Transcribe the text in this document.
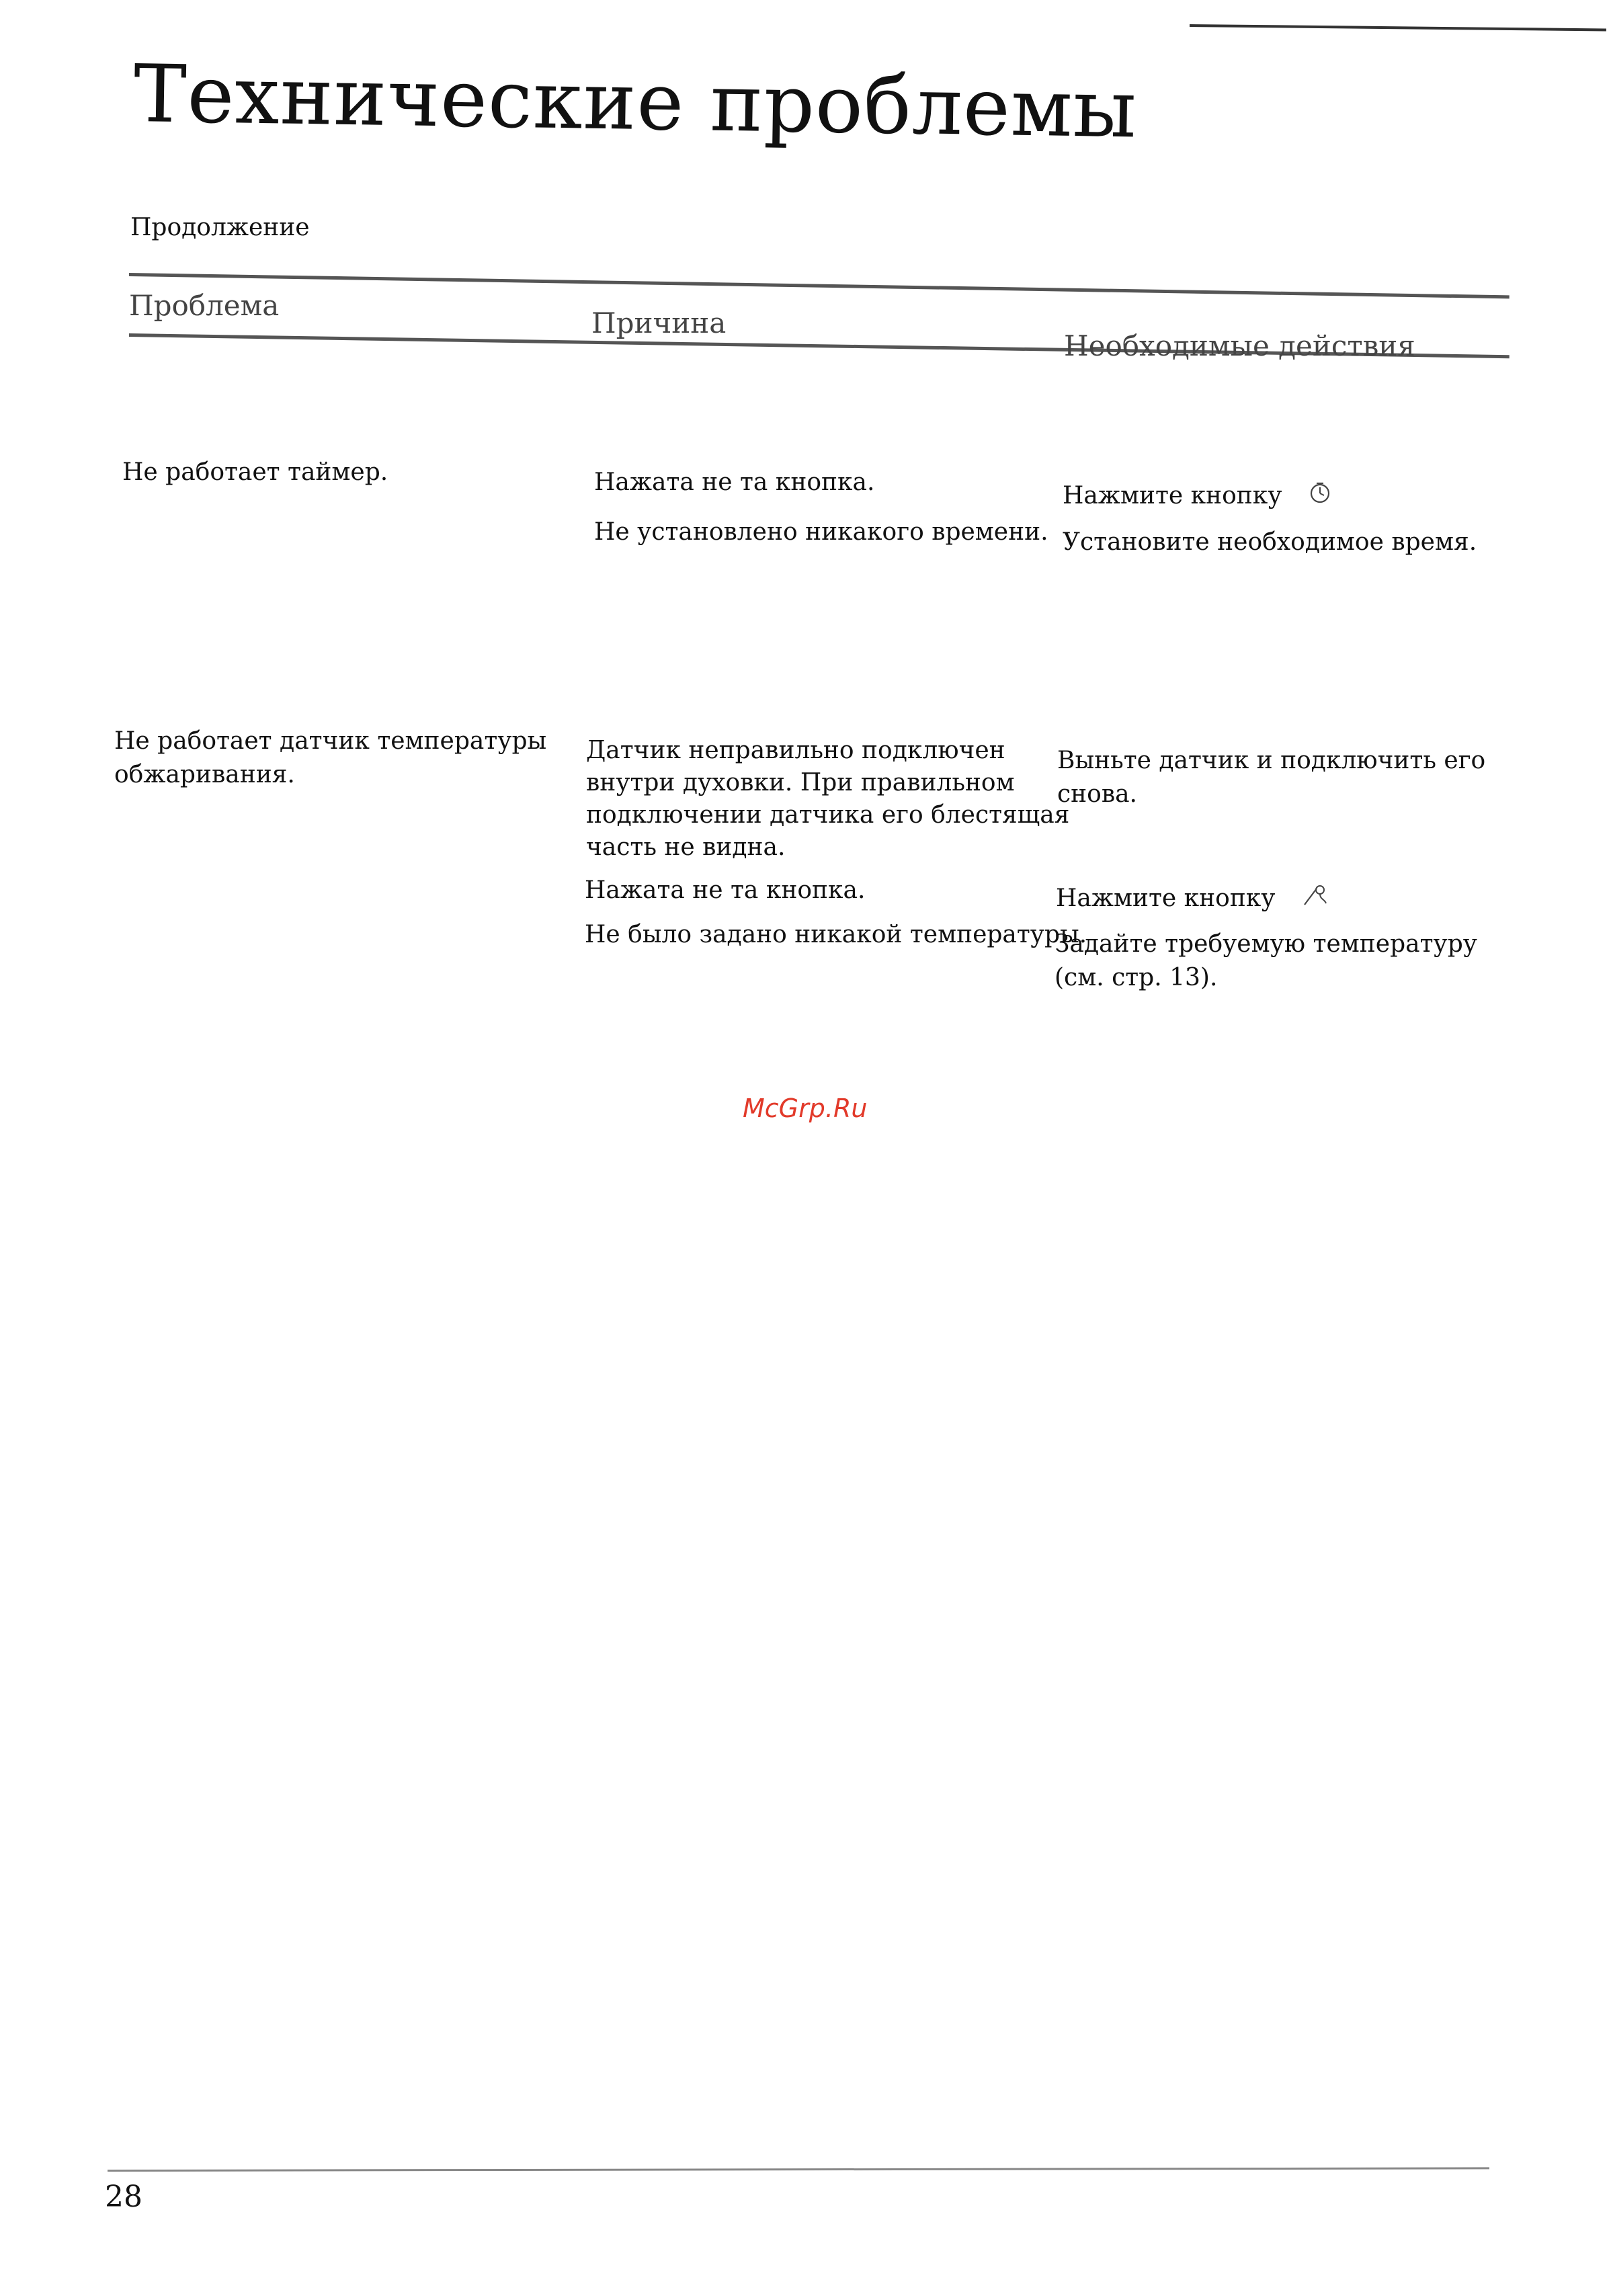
Технические проблемы
Продолжение
Проблема
Причина
Необходимые действия
Не работает таймер.	Нажата не та кнопка.
Не установлено никакого времени.
Нажмите кнопку
Установите необходимое время.
Не работает датчик температуры
обжаривания.
Датчик неправильно подключен
внутри духовки. При правильном
подключении датчика его блестящая
часть не видна.
Нажата не та кнопка.
Не было задано никакой температуры.
Выньте датчик и подключить его
снова.
Нажмите кнопку
Задайте требуемую температуру
(см. стр. 13).
McGrp.Ru
28
